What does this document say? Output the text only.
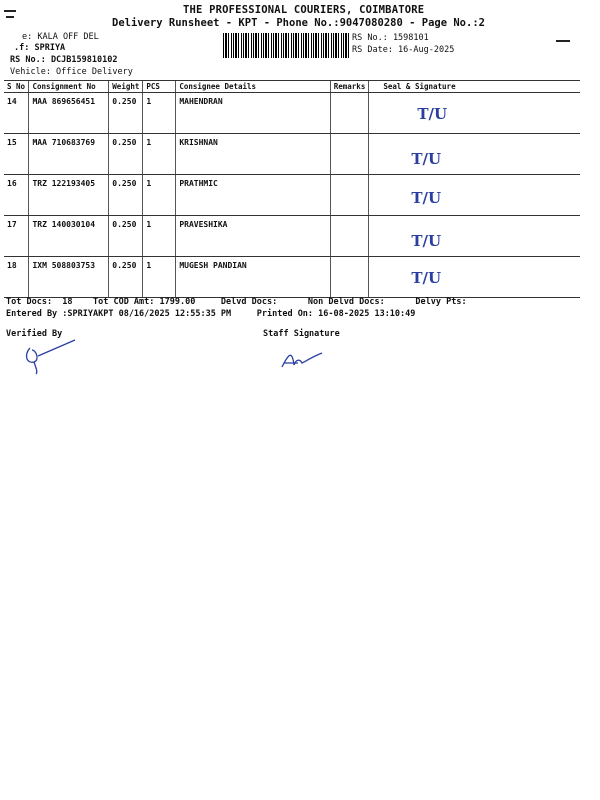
THE PROFESSIONAL COURIERS, COIMBATORE
Delivery Runsheet - KPT - Phone No.:9047080280 - Page No.:2
e: KALA OFF DEL
.f: SPRIYA
RS No.: DCJB159810102
Vehicle: Office Delivery
RS No.: 1598101
RS Date: 16-Aug-2025
S No	Consignment No	Weight	PCS	Consignee Details	Remarks	Seal & Signature
14	MAA 869656451	0.250	1	MAHENDRAN		T/U

15	MAA 710683769	0.250	1	KRISHNAN		T/U

16	TRZ 122193405	0.250	1	PRATHMIC		T/U

17	TRZ 140030104	0.250	1	PRAVESHIKA		T/U

18	IXM 508803753	0.250	1	MUGESH PANDIAN		T/U
Tot Docs:  18    Tot COD Amt: 1799.00     Delvd Docs:      Non Delvd Docs:      Delvy Pts:
Entered By :SPRIYAKPT 08/16/2025 12:55:35 PM     Printed On: 16-08-2025 13:10:49
Verified By	Staff Signature
